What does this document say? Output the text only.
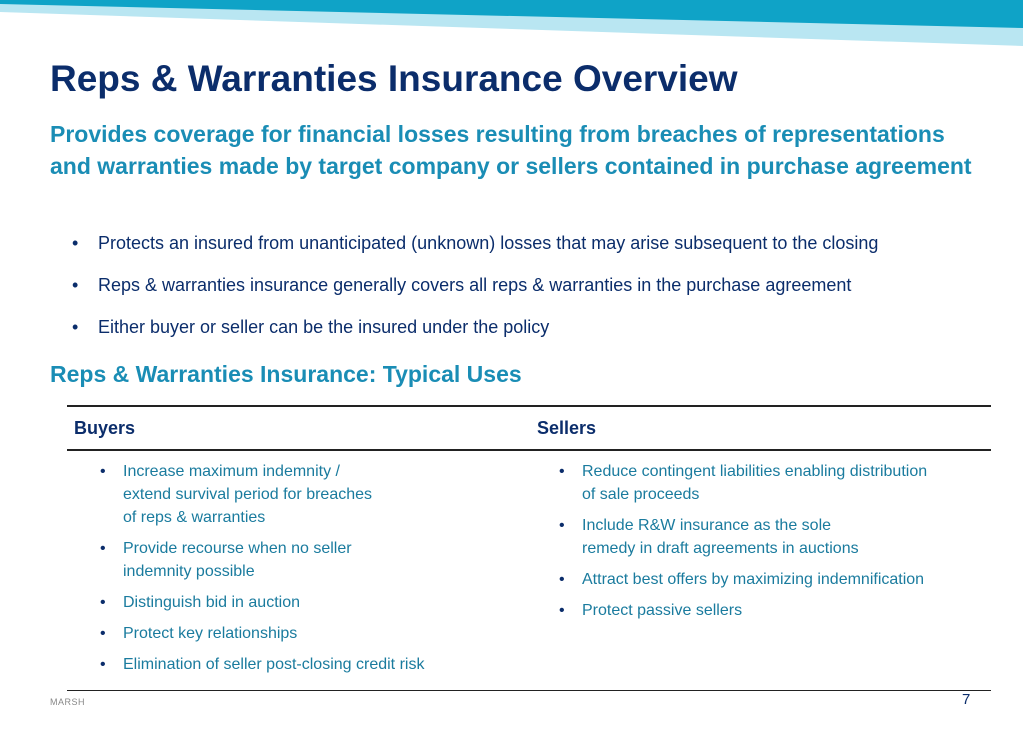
Reps & Warranties Insurance Overview
Provides coverage for financial losses resulting from breaches of representations and warranties made by target company or sellers contained in purchase agreement
• Protects an insured from unanticipated (unknown) losses that may arise subsequent to the closing
• Reps & warranties insurance generally covers all reps & warranties in the purchase agreement
• Either buyer or seller can be the insured under the policy
Reps & Warranties Insurance: Typical Uses
Buyers	Sellers
• Increase maximum indemnity /
extend survival period for breaches
of reps & warranties
• Provide recourse when no seller
indemnity possible
• Distinguish bid in auction
• Protect key relationships
• Elimination of seller post-closing credit risk
• Reduce contingent liabilities enabling distribution
of sale proceeds
• Include R&W insurance as the sole
remedy in draft agreements in auctions
• Attract best offers by maximizing indemnification
• Protect passive sellers
MARSH	7
